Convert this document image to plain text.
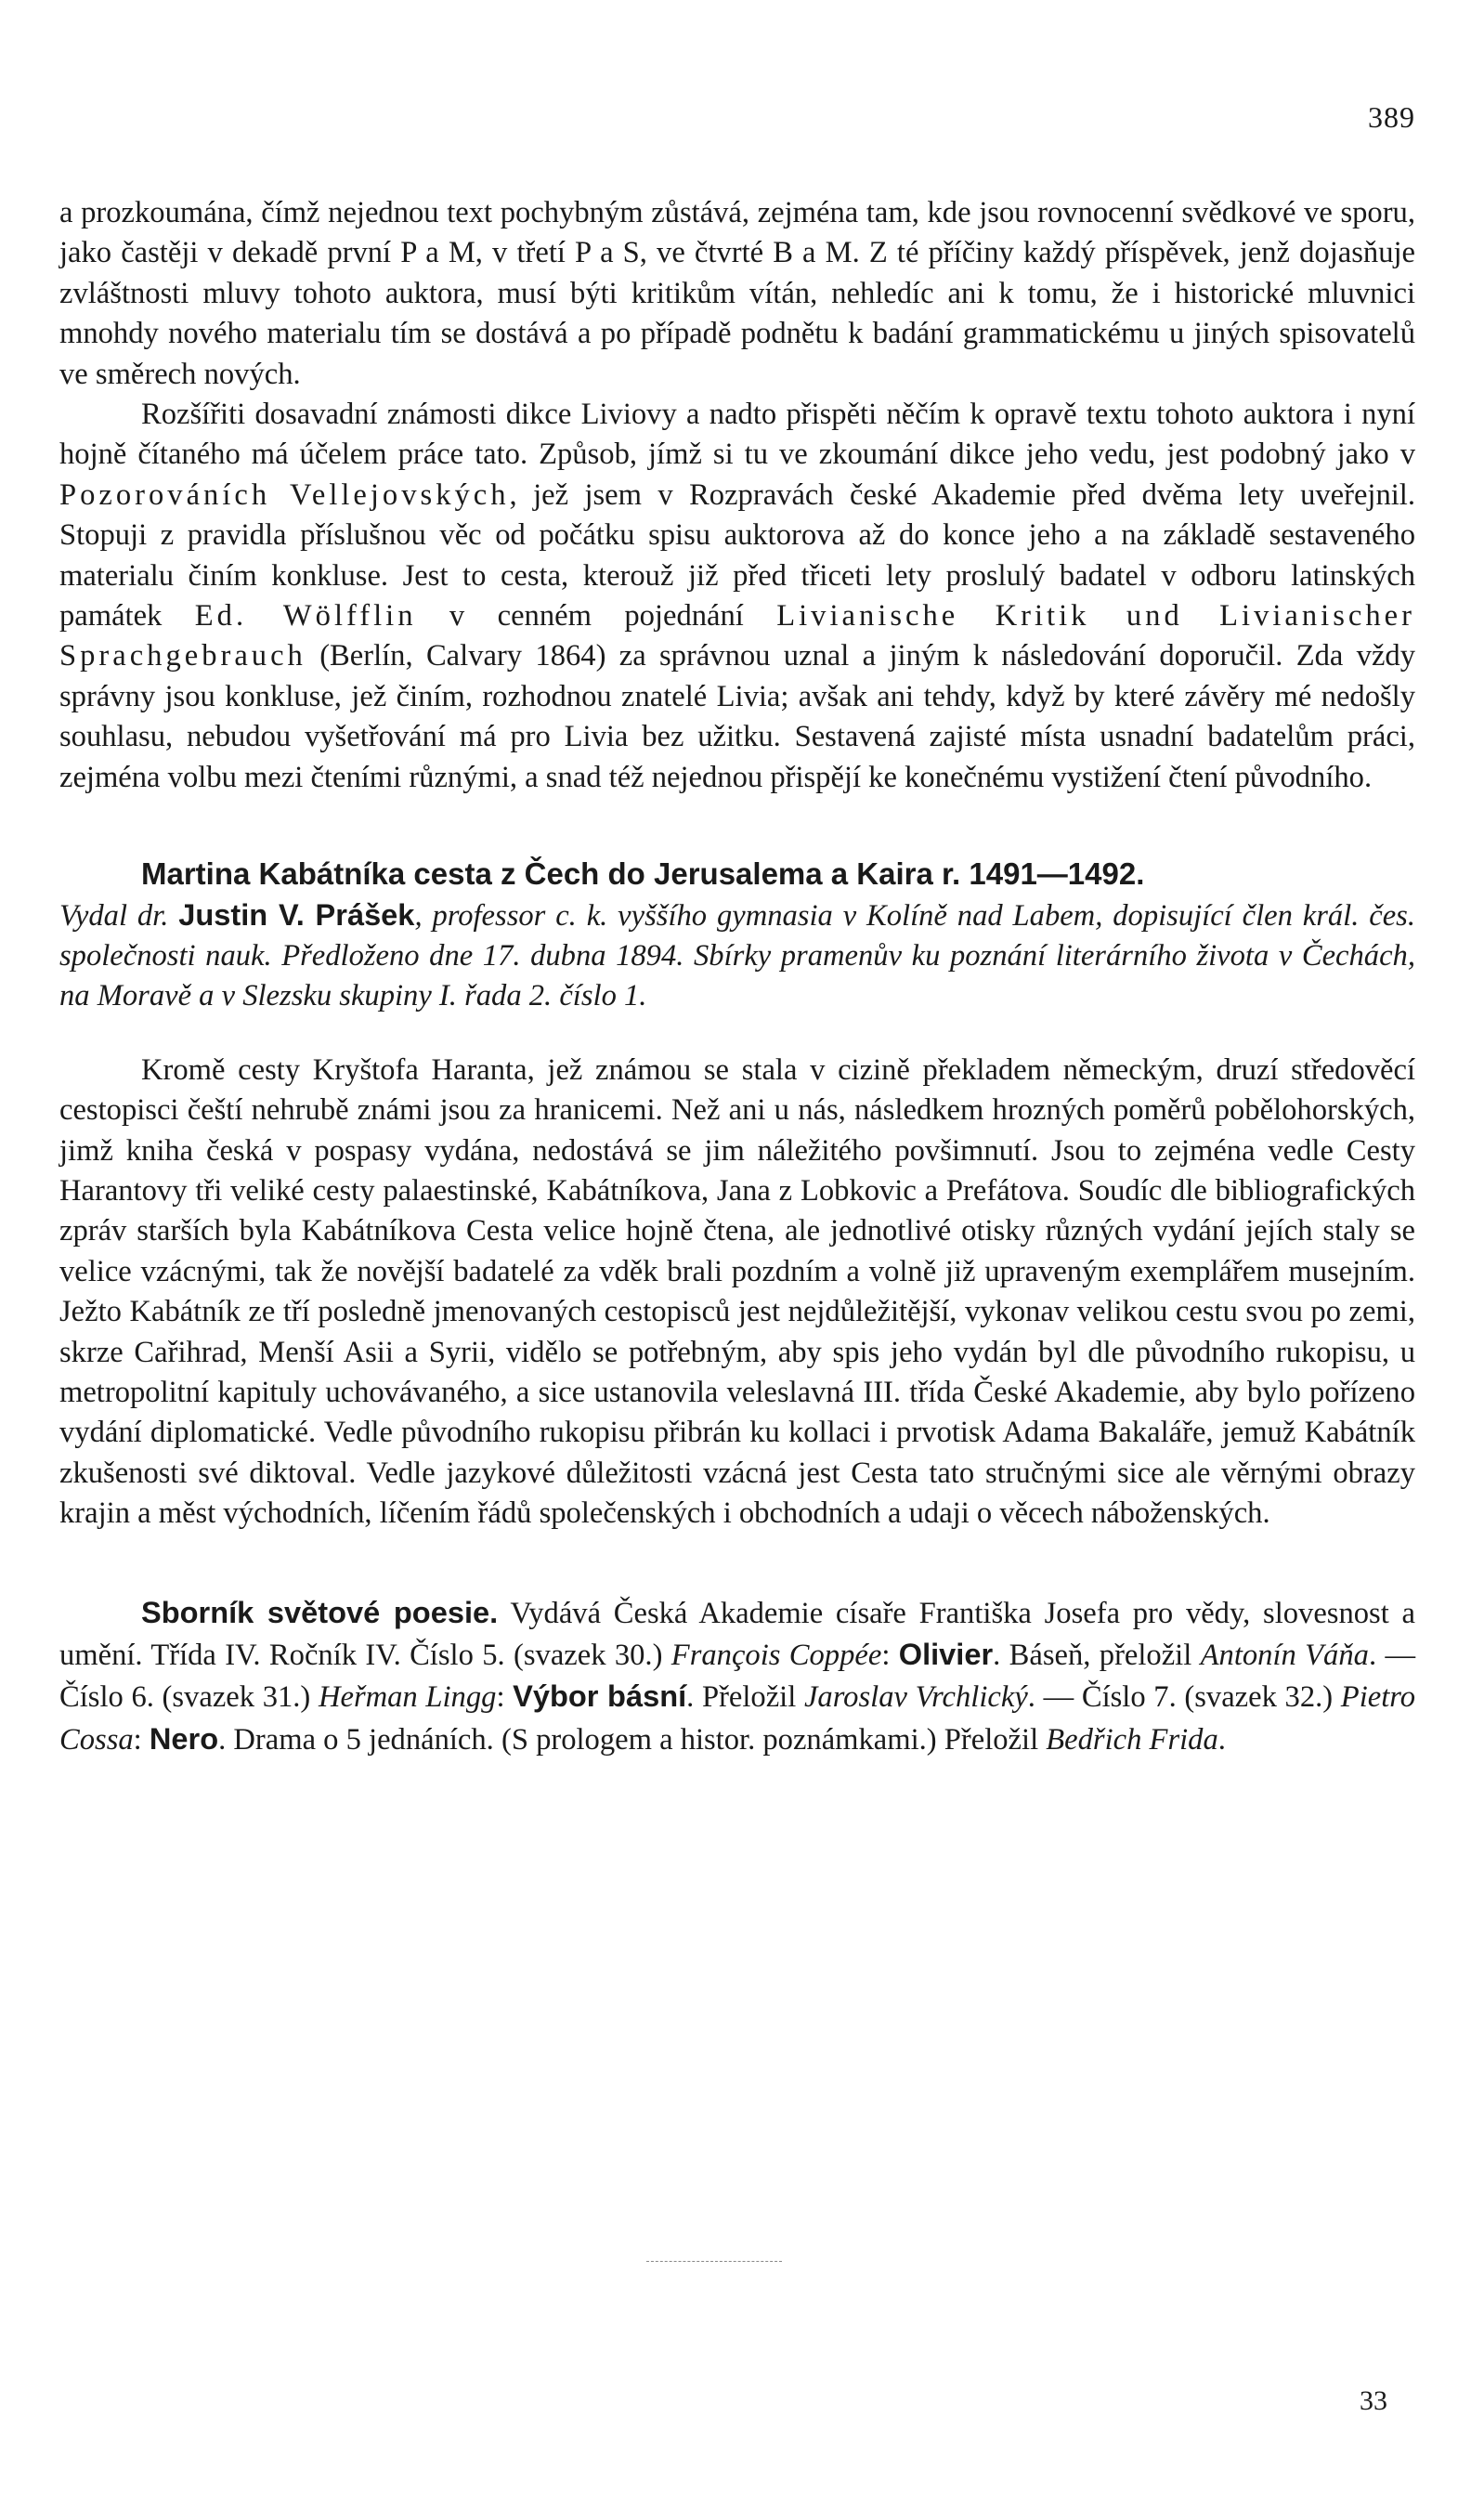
389

a prozkoumána, čímž nejednou text pochybným zůstává, zejména tam, kde jsou rovnocenní svědkové ve sporu, jako častěji v dekadě první P a M, v třetí P a S, ve čtvrté B a M. Z té příčiny každý příspěvek, jenž dojasňuje zvláštnosti mluvy tohoto auktora, musí býti kritikům vítán, nehledíc ani k tomu, že i historické mluvnici mnohdy nového materialu tím se dostává a po případě podnětu k badání grammatickému u jiných spisovatelů ve směrech nových.

Rozšířiti dosavadní známosti dikce Liviovy a nadto přispěti něčím k opravě textu tohoto auktora i nyní hojně čítaného má účelem práce tato. Způsob, jímž si tu ve zkoumání dikce jeho vedu, jest podobný jako v Pozorováních Vellejovských, jež jsem v Rozpravách české Akademie před dvěma lety uveřejnil. Stopuji z pravidla příslušnou věc od počátku spisu auktorova až do konce jeho a na základě sestaveného materialu činím konkluse. Jest to cesta, kterouž již před třiceti lety proslulý badatel v odboru latinských památek Ed. Wölfflin v cenném pojednání Livianische Kritik und Livianischer Sprachgebrauch (Berlín, Calvary 1864) za správnou uznal a jiným k následování doporučil. Zda vždy správny jsou konkluse, jež činím, rozhodnou znatelé Livia; avšak ani tehdy, když by které závěry mé nedošly souhlasu, nebudou vyšetřování má pro Livia bez užitku. Sestavená zajisté místa usnadní badatelům práci, zejména volbu mezi čteními různými, a snad též nejednou přispějí ke konečnému vystižení čtení původního.

Martina Kabátníka cesta z Čech do Jerusalema a Kaira r. 1491—1492.

Vydal dr. Justin V. Prášek, professor c. k. vyššího gymnasia v Kolíně nad Labem, dopisující člen král. čes. společnosti nauk. Předloženo dne 17. dubna 1894. Sbírky pramenův ku poznání literárního života v Čechách, na Moravě a v Slezsku skupiny I. řada 2. číslo 1.

Kromě cesty Kryštofa Harantа, jež známou se stala v cizině překladem německým, druzí středověcí cestopisci čeští nehrubě známi jsou za hranicemi. Než ani u nás, následkem hrozných poměrů pobělohorských, jimž kniha česká v pospasy vydána, nedostává se jim náležitého povšimnutí. Jsou to zejména vedle Cesty Harantovy tři veliké cesty palaestinské, Kabátníkova, Jana z Lobkovic a Prefátova. Soudíc dle bibliografických zpráv starších byla Kabátníkova Cesta velice hojně čtena, ale jednotlivé otisky různých vydání jejích staly se velice vzácnými, tak že novější badatelé za vděk brali pozdním a volně již upraveným exemplářem musejním. Ježto Kabátník ze tří posledně jmenovaných cestopisců jest nejdůležitější, vykonav velikou cestu svou po zemi, skrze Cařihrad, Menší Asii a Syrii, vidělo se potřebným, aby spis jeho vydán byl dle původního rukopisu, u metropolitní kapituly uchovávaného, a sice ustanovila veleslavná III. třída České Akademie, aby bylo pořízeno vydání diplomatické. Vedle původního rukopisu přibrán ku kollaci i prvotisk Adama Bakaláře, jemuž Kabátník zkušenosti své diktoval. Vedle jazykové důležitosti vzácná jest Cesta tato stručnými sice ale věrnými obrazy krajin a měst východních, líčením řádů společenských i obchodních a udaji o věcech náboženských.

Sborník světové poesie. Vydává Česká Akademie císaře Františka Josefa pro vědy, slovesnost a umění. Třída IV. Ročník IV. Číslo 5. (svazek 30.) François Coppée: Olivier. Báseň, přeložil Antonín Váňa. — Číslo 6. (svazek 31.) Heřman Lingg: Výbor básní. Přeložil Jaroslav Vrchlický. — Číslo 7. (svazek 32.) Pietro Cossa: Nero. Drama o 5 jednáních. (S prologem a histor. poznámkami.) Přeložil Bedřich Frida.

33
